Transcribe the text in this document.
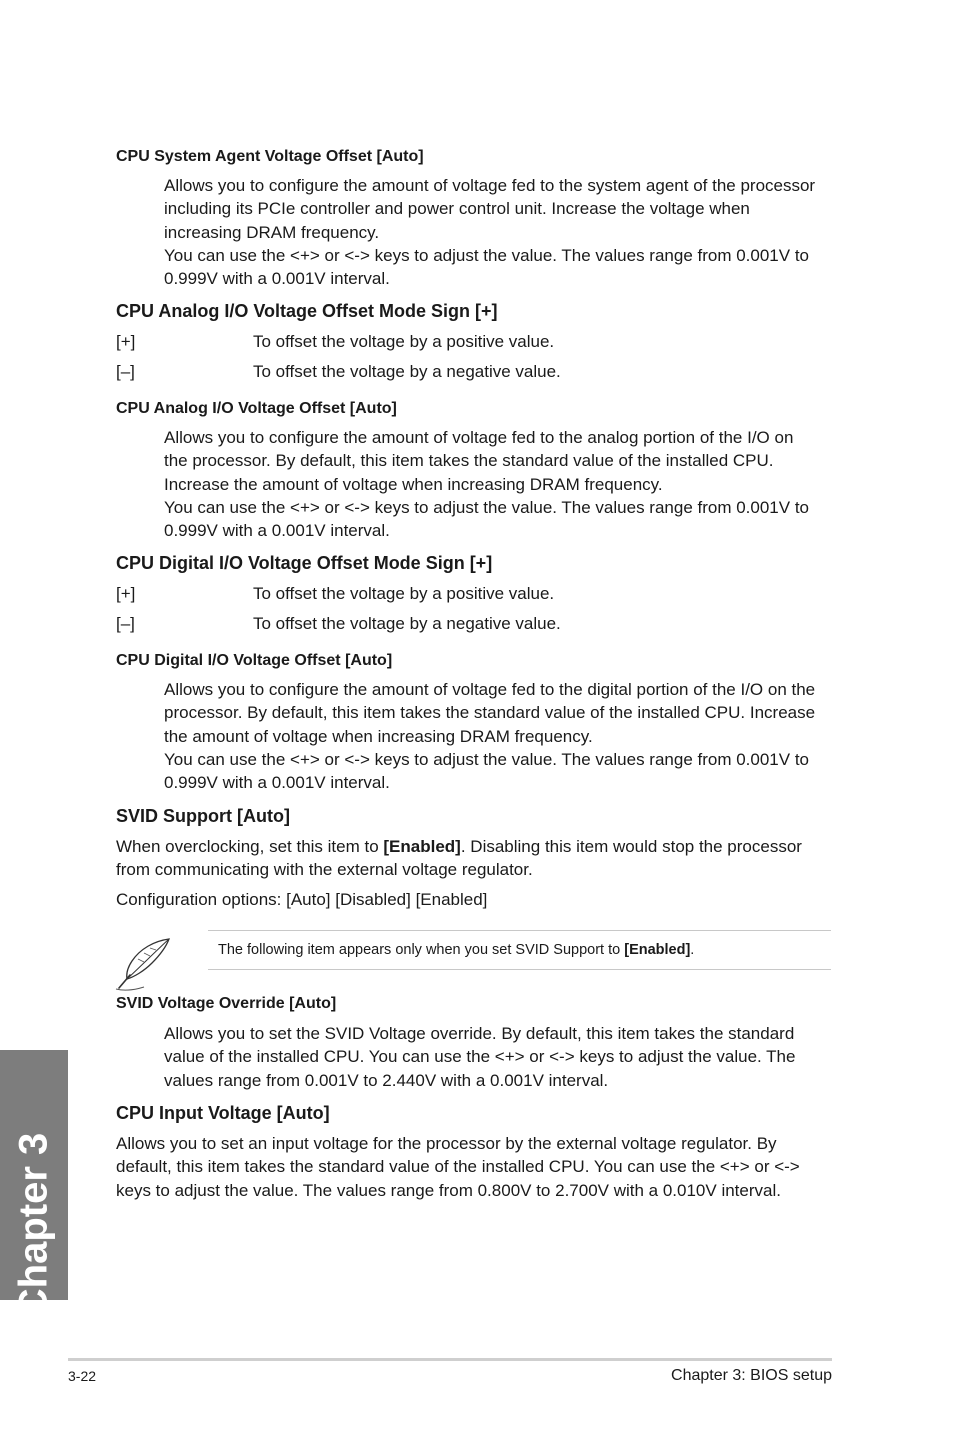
CPU System Agent Voltage Offset [Auto]
Allows you to configure the amount of voltage fed to the system agent of the processor
including its PCIe controller and power control unit. Increase the voltage when
increasing DRAM frequency.
You can use the <+> or <-> keys to adjust the value. The values range from 0.001V to
0.999V with a 0.001V interval.
CPU Analog I/O Voltage Offset Mode Sign [+]
[+]	To offset the voltage by a positive value.
[–]	To offset the voltage by a negative value.
CPU Analog I/O Voltage Offset [Auto]
Allows you to configure the amount of voltage fed to the analog portion of the I/O on
the processor. By default, this item takes the standard value of the installed CPU.
Increase the amount of voltage when increasing DRAM frequency.
You can use the <+> or <-> keys to adjust the value. The values range from 0.001V to
0.999V with a 0.001V interval.
CPU Digital I/O Voltage Offset Mode Sign [+]
[+]	To offset the voltage by a positive value.
[–]	To offset the voltage by a negative value.
CPU Digital I/O Voltage Offset [Auto]
Allows you to configure the amount of voltage fed to the digital portion of the I/O on the
processor. By default, this item takes the standard value of the installed CPU. Increase
the amount of voltage when increasing DRAM frequency.
You can use the <+> or <-> keys to adjust the value. The values range from 0.001V to
0.999V with a 0.001V interval.
SVID Support [Auto]
When overclocking, set this item to [Enabled]. Disabling this item would stop the processor
from communicating with the external voltage regulator.
Configuration options: [Auto] [Disabled] [Enabled]
The following item appears only when you set SVID Support to [Enabled].
SVID Voltage Override [Auto]
Allows you to set the SVID Voltage override. By default, this item takes the standard
value of the installed CPU. You can use the <+> or <-> keys to adjust the value. The
values range from 0.001V to 2.440V with a 0.001V interval.
CPU Input Voltage [Auto]
Allows you to set an input voltage for the processor by the external voltage regulator. By
default, this item takes the standard value of the installed CPU. You can use the <+> or <->
keys to adjust the value. The values range from 0.800V to 2.700V with a 0.010V interval.
Chapter 3
3-22	Chapter 3: BIOS setup
